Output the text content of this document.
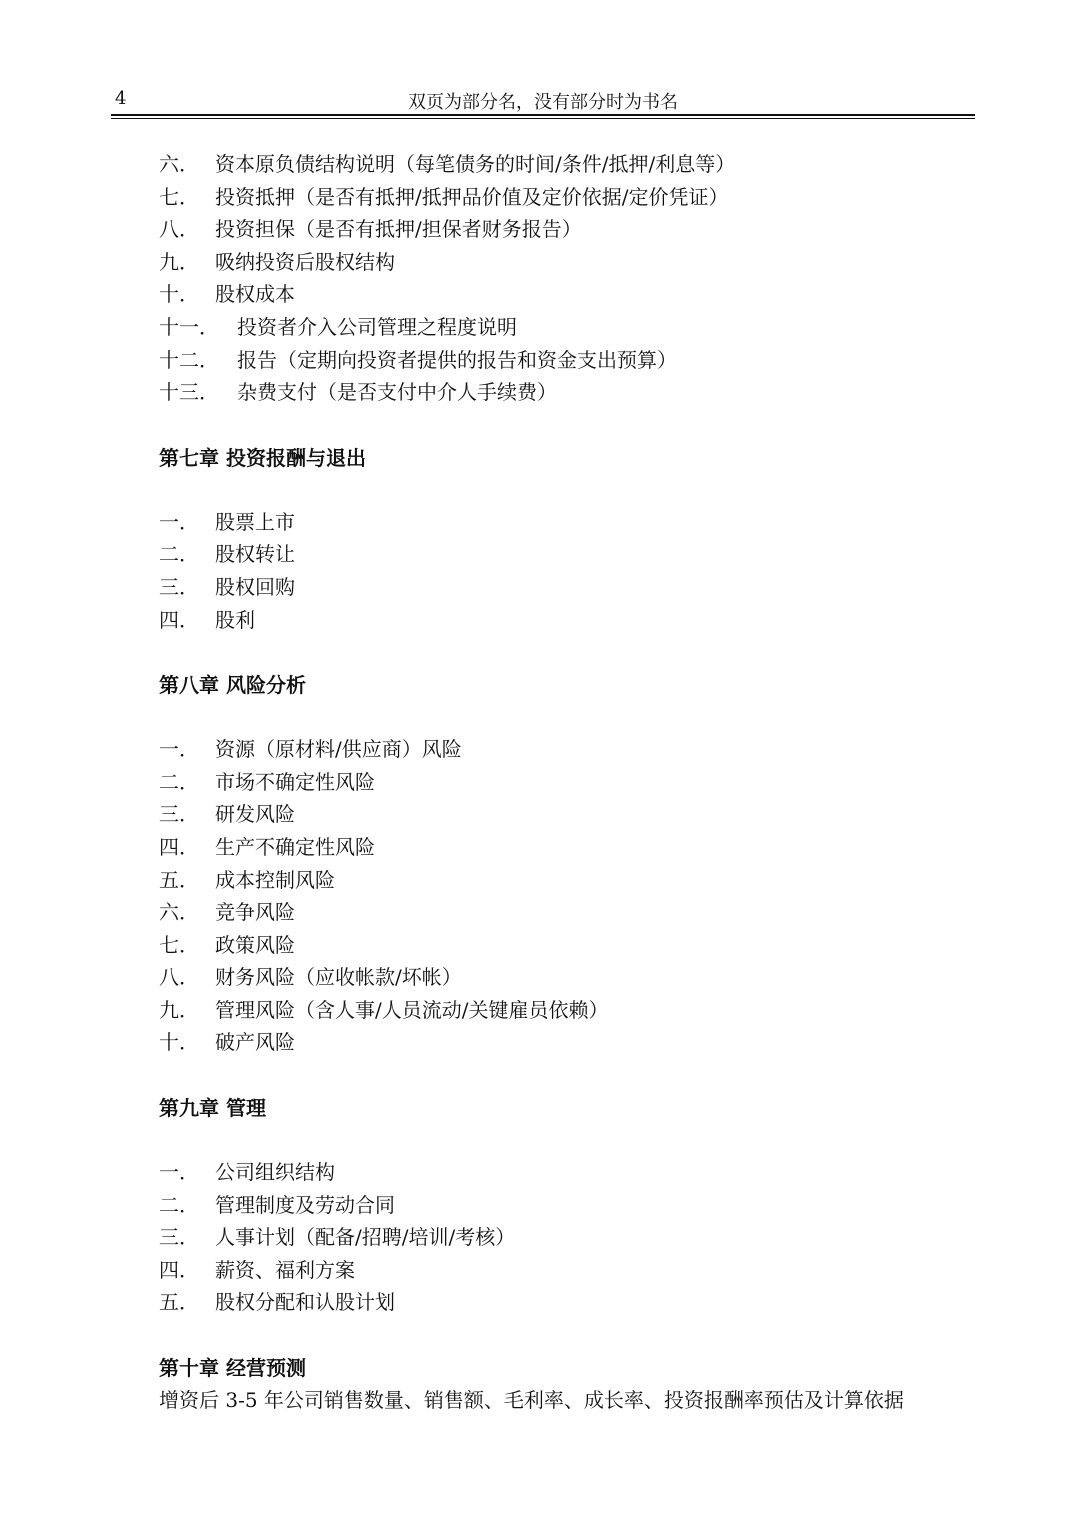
4	双页为部分名，没有部分时为书名
六． 资本原负债结构说明（每笔债务的时间/条件/抵押/利息等）
七． 投资抵押（是否有抵押/抵押品价值及定价依据/定价凭证）
八． 投资担保（是否有抵押/担保者财务报告）
九． 吸纳投资后股权结构
十． 股权成本
十一． 投资者介入公司管理之程度说明
十二． 报告（定期向投资者提供的报告和资金支出预算）
十三． 杂费支付（是否支付中介人手续费）
第七章 投资报酬与退出
一． 股票上市
二． 股权转让
三． 股权回购
四． 股利
第八章 风险分析
一． 资源（原材料/供应商）风险
二． 市场不确定性风险
三． 研发风险
四． 生产不确定性风险
五． 成本控制风险
六． 竞争风险
七． 政策风险
八． 财务风险（应收帐款/坏帐）
九． 管理风险（含人事/人员流动/关键雇员依赖）
十． 破产风险
第九章 管理
一． 公司组织结构
二． 管理制度及劳动合同
三． 人事计划（配备/招聘/培训/考核）
四． 薪资、福利方案
五． 股权分配和认股计划
第十章 经营预测
增资后 3-5 年公司销售数量、销售额、毛利率、成长率、投资报酬率预估及计算依据
